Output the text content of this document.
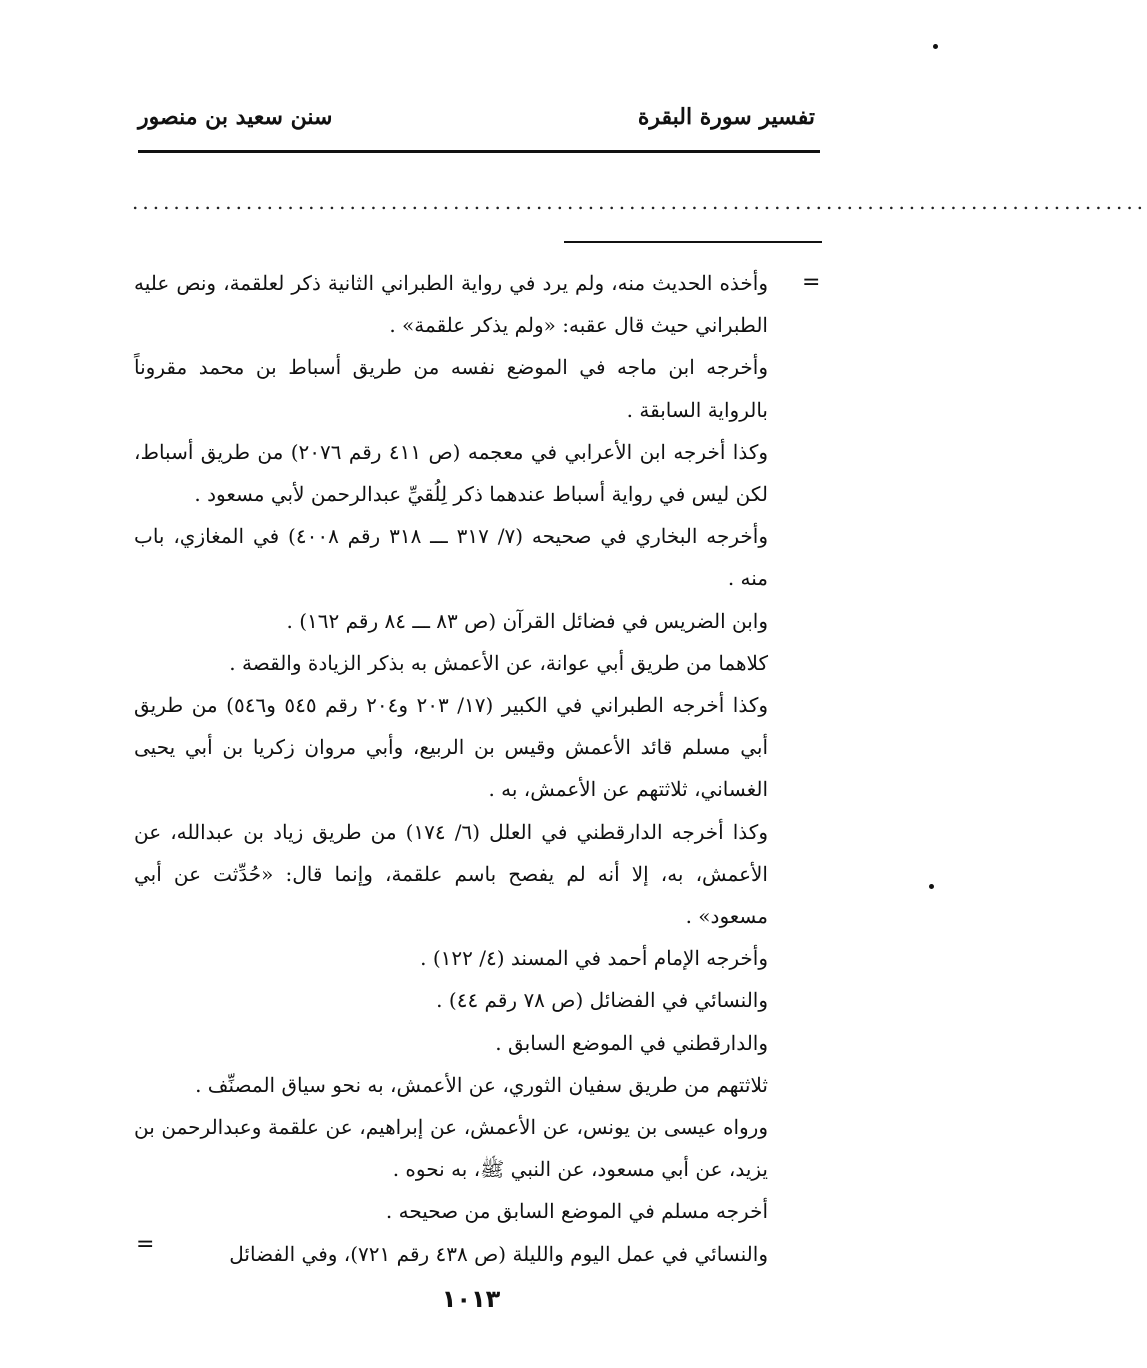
تفسير سورة البقرة
سنن سعيد بن منصور
..................................................................................................
=

وأخذه الحديث منه، ولم يرد في رواية الطبراني الثانية ذكر لعلقمة، ونص عليه الطبراني حيث قال عقبه: «ولم يذكر علقمة» .

وأخرجه ابن ماجه في الموضع نفسه من طريق أسباط بن محمد مقروناً بالرواية السابقة .

وكذا أخرجه ابن الأعرابي في معجمه (ص ٤١١ رقم ٢٠٧٦) من طريق أسباط، لكن ليس في رواية أسباط عندهما ذكر لِلُقيِّ عبدالرحمن لأبي مسعود .

وأخرجه البخاري في صحيحه (٧/ ٣١٧ ـــ ٣١٨ رقم ٤٠٠٨) في المغازي، باب منه .

وابن الضريس في فضائل القرآن (ص ٨٣ ـــ ٨٤ رقم ١٦٢) .

كلاهما من طريق أبي عوانة، عن الأعمش به بذكر الزيادة والقصة .

وكذا أخرجه الطبراني في الكبير (١٧/ ٢٠٣ و٢٠٤ رقم ٥٤٥ و٥٤٦) من طريق أبي مسلم قائد الأعمش وقيس بن الربيع، وأبي مروان زكريا بن أبي يحيى الغساني، ثلاثتهم عن الأعمش، به .

وكذا أخرجه الدارقطني في العلل (٦/ ١٧٤) من طريق زياد بن عبدالله، عن الأعمش، به، إلا أنه لم يفصح باسم علقمة، وإنما قال: «حُدِّثت عن أبي مسعود» .

وأخرجه الإمام أحمد في المسند (٤/ ١٢٢) .

والنسائي في الفضائل (ص ٧٨ رقم ٤٤) .

والدارقطني في الموضع السابق .

ثلاثتهم من طريق سفيان الثوري، عن الأعمش، به نحو سياق المصنِّف .

ورواه عيسى بن يونس، عن الأعمش، عن إبراهيم، عن علقمة وعبدالرحمن بن يزيد، عن أبي مسعود، عن النبي ﷺ، به نحوه .

أخرجه مسلم في الموضع السابق من صحيحه .

والنسائي في عمل اليوم والليلة (ص ٤٣٨ رقم ٧٢١)، وفي الفضائل

=
١٠١٣
